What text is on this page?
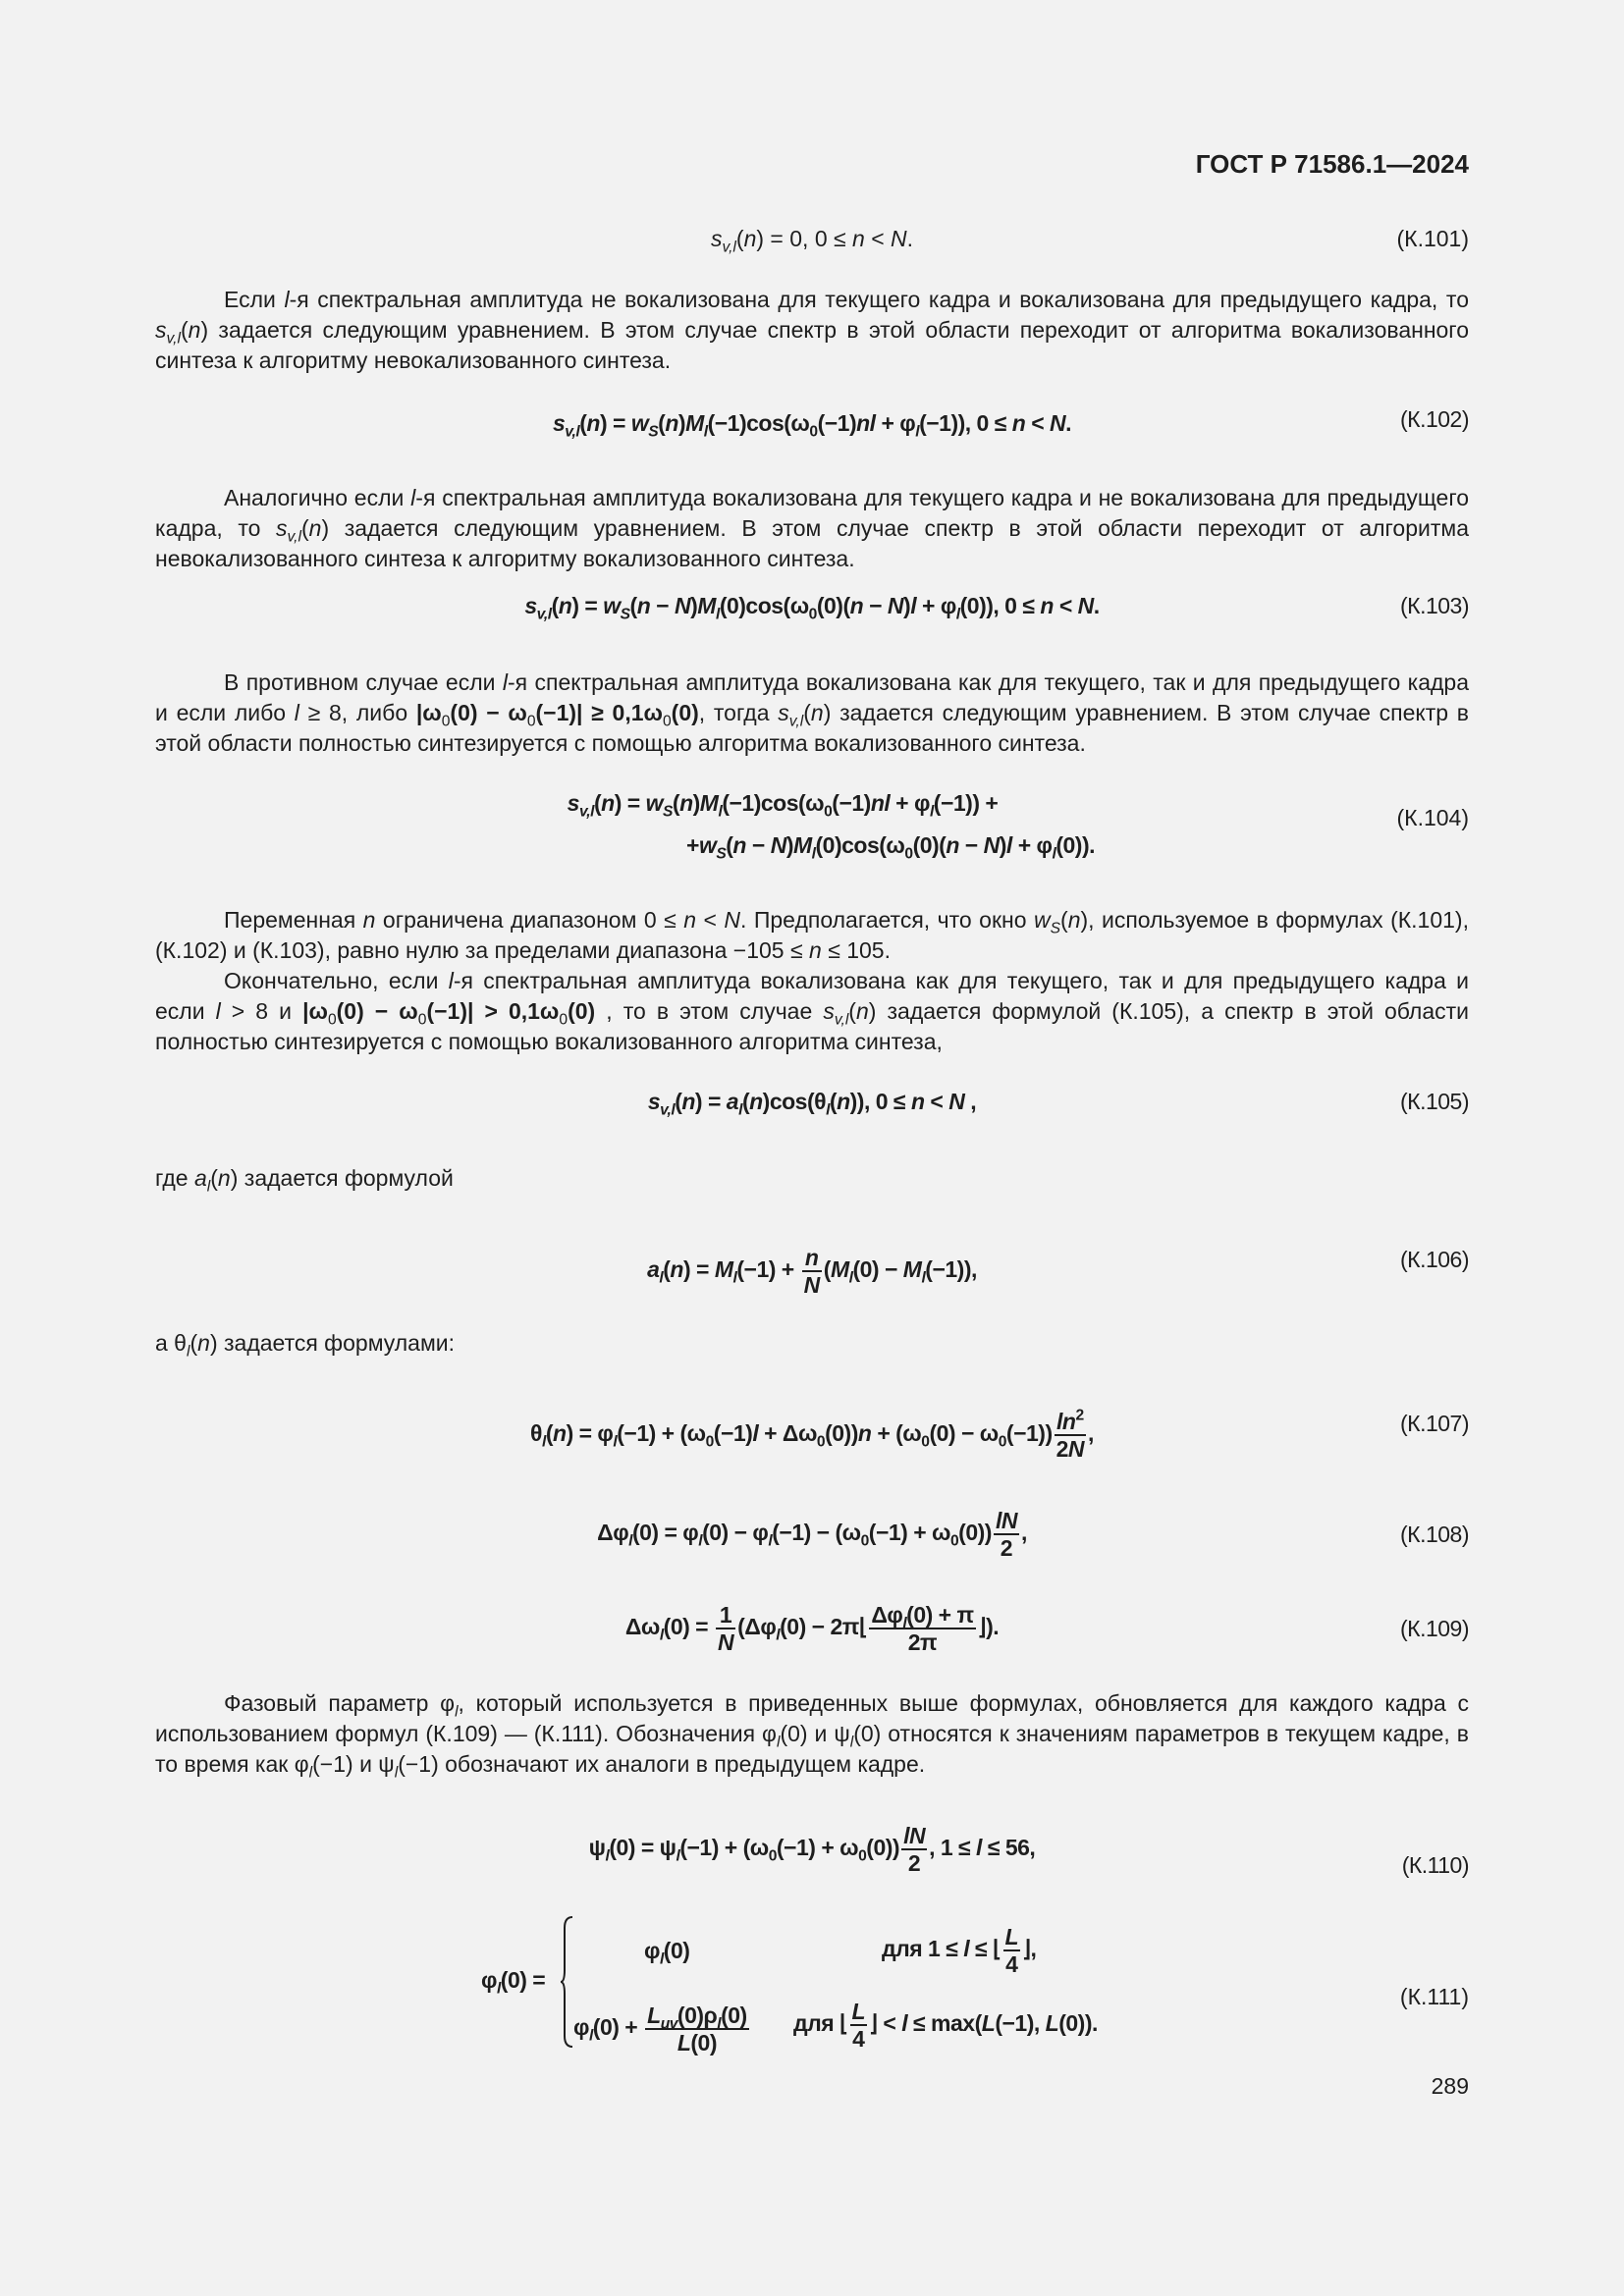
ГОСТ Р 71586.1—2024
$s_{v,l}(n) = 0$, 0 ≤ n < N.	(К.101)
Если l-я спектральная амплитуда не вокализована для текущего кадра и вокализована для предыдущего кадра, то $s_{v,l}(n)$ задается следующим уравнением. В этом случае спектр в этой области переходит от алгоритма вокализованного синтеза к алгоритму невокализованного синтеза.
$s_{v,l}(n) = w_S(n)M_l(-1)\cos(\omega_0(-1)nl + \varphi_l(-1))$, 0 ≤ n < N.	(К.102)
Аналогично если l-я спектральная амплитуда вокализована для текущего кадра и не вокализована для предыдущего кадра, то $s_{v,l}(n)$ задается следующим уравнением. В этом случае спектр в этой области переходит от алгоритма невокализованного синтеза к алгоритму вокализованного синтеза.
$s_{v,l}(n) = w_S(n - N)M_l(0)\cos(\omega_0(0)(n - N)l + \varphi_l(0))$, 0 ≤ n < N.	(К.103)
В противном случае если l-я спектральная амплитуда вокализована как для текущего, так и для предыдущего кадра и если либо l ≥ 8, либо $|\omega_0(0) - \omega_0(-1)| \ge 0,1\omega_0(0)$, тогда $s_{v,l}(n)$ задается следующим уравнением. В этом случае спектр в этой области полностью синтезируется с помощью алгоритма вокализованного синтеза.
$s_{v,l}(n) = w_S(n)M_l(-1)\cos(\omega_0(-1)nl + \varphi_l(-1))$ +
$+w_S(n - N)M_l(0)\cos(\omega_0(0)(n - N)l + \varphi_l(0))$.
(К.104)
Переменная n ограничена диапазоном 0 ≤ n < N. Предполагается, что окно $w_S(n)$, используемое в формулах (К.101), (К.102) и (К.103), равно нулю за пределами диапазона −105 ≤ n ≤ 105.
Окончательно, если l-я спектральная амплитуда вокализована как для текущего, так и для предыдущего кадра и если l > 8 и $|\omega_0(0) - \omega_0(-1)| > 0,1\omega_0(0)$ , то в этом случае $s_{v,l}(n)$ задается формулой (К.105), а спектр в этой области полностью синтезируется с помощью вокализованного алгоритма синтеза,
$s_{v,l}(n) = a_l(n)\cos(\theta_l(n))$, 0 ≤ n < N ,	(К.105)
где $a_l(n)$ задается формулой
$a_l(n) = M_l(-1) + \frac{n}{N} (M_l(0) - M_l(-1))$,	(К.106)
а $\theta_l(n)$ задается формулами:
$\theta_l(n) = \varphi_l(-1) + (\omega_0(-1)l + \Delta\omega_0(0))n + (\omega_0(0) - \omega_0(-1)) \frac{\ln^2}{2N}$ ,	(К.107)
$\Delta\varphi_l(0) = \varphi_l(0) - \varphi_l(-1) - (\omega_0(-1) + \omega_0(0)) \frac{lN}{2}$ ,	(К.108)
$\Delta\omega_l(0) = \frac{1}{N} (\Delta\varphi_l(0)$ − 2π⌊ $\frac{\Delta\varphi_l(0) + \pi}{2\pi}$ ⌋).	(К.109)
Фазовый параметр $\varphi_l$, который используется в приведенных выше формулах, обновляется для каждого кадра с использованием формул (К.109) — (К.111). Обозначения $\varphi_l(0)$ и $\psi_l(0)$ относятся к значениям параметров в текущем кадре, в то время как $\varphi_l(-1)$ и $\psi_l(-1)$ обозначают их аналоги в предыдущем кадре.
$\psi_l(0) = \psi_l(-1) + (\omega_0(-1) + \omega_0(0)) \frac{lN}{2}$ , 1 ≤ l ≤ 56,
(К.110)
$\varphi_l(0)$ =
$\varphi_l(0)$	для 1 ≤ l ≤ ⌊ $\frac{L}{4}$ ⌋,
$\varphi_l(0) + \frac{L_{uv}(0)\rho_l(0)}{L(0)}$ для ⌊ $\frac{L}{4}$ ⌋ < l ≤ max(L(−1), L(0)).
(К.111)
289
